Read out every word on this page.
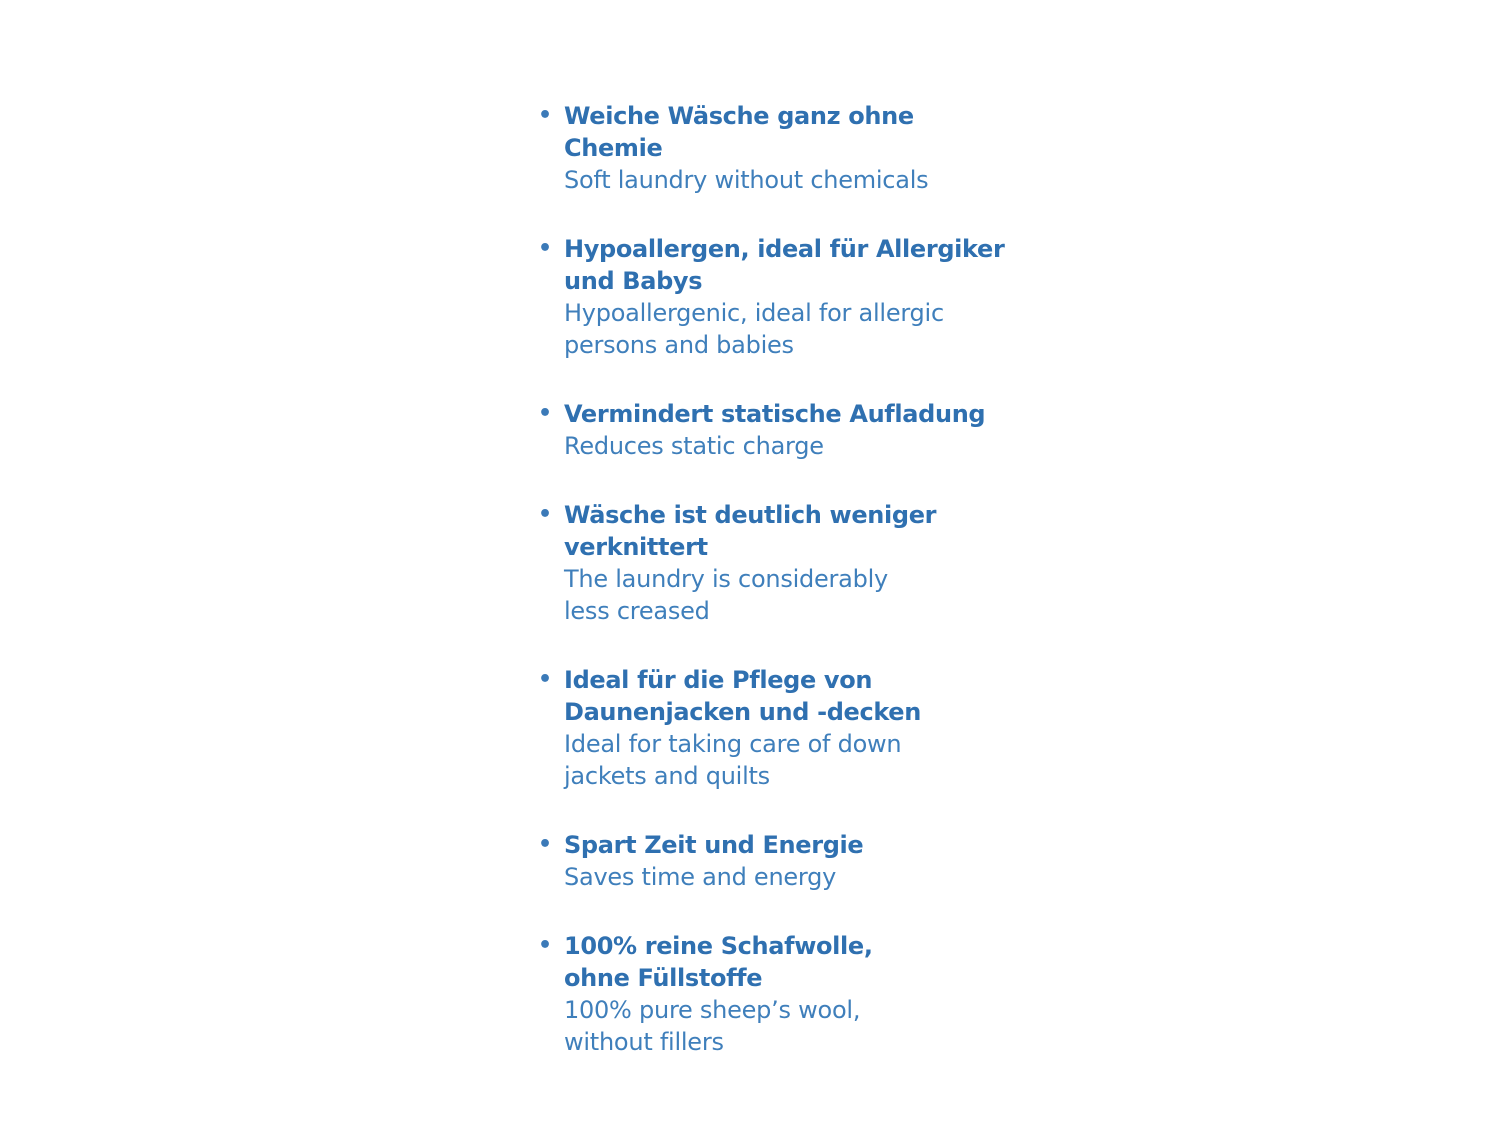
• Weiche Wäsche ganz ohne Chemie
Soft laundry without chemicals
• Hypoallergen, ideal für Allergiker
und Babys
Hypoallergenic, ideal for allergic
persons and babies
• Vermindert statische Aufladung
Reduces static charge
• Wäsche ist deutlich weniger
verknittert
The laundry is considerably
less creased
• Ideal für die Pflege von
Daunenjacken und -decken
Ideal for taking care of down
jackets and quilts
• Spart Zeit und Energie
Saves time and energy
• 100% reine Schafwolle,
ohne Füllstoffe
100% pure sheep’s wool,
without fillers
